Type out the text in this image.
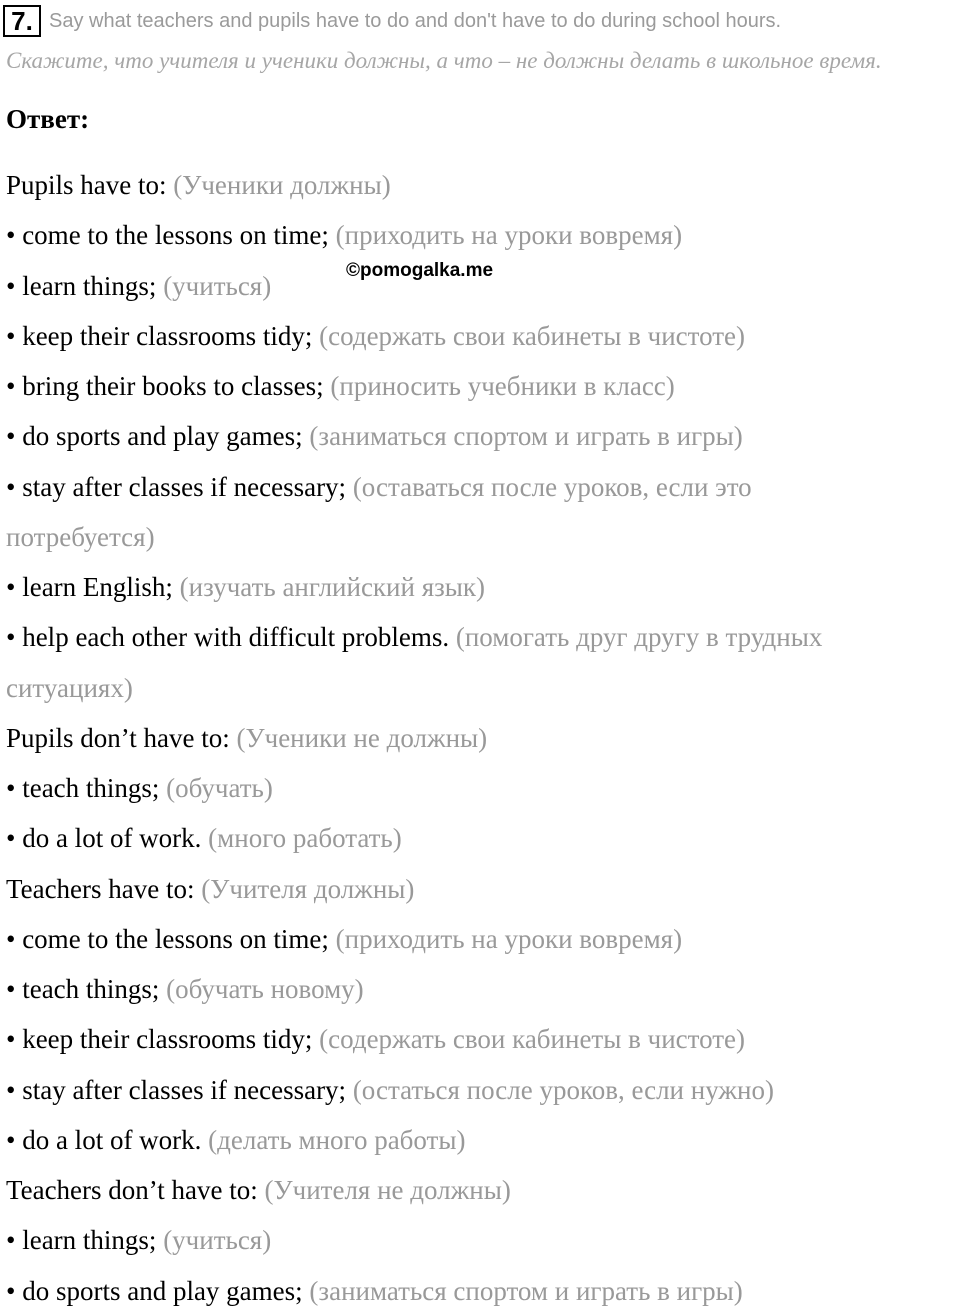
7. Say what teachers and pupils have to do and don't have to do during school hours.
Скажите, что учителя и ученики должны, а что – не должны делать в школьное время.
Ответ:
Pupils have to: (Ученики должны)
• come to the lessons on time; (приходить на уроки вовремя)
• learn things; (учиться)
• keep their classrooms tidy; (содержать свои кабинеты в чистоте)
• bring their books to classes; (приносить учебники в класс)
• do sports and play games; (заниматься спортом и играть в игры)
• stay after classes if necessary; (оставаться после уроков, если это
потребуется)
• learn English; (изучать английский язык)
• help each other with difficult problems. (помогать друг другу в трудных
ситуациях)
Pupils don’t have to: (Ученики не должны)
• teach things; (обучать)
• do a lot of work. (много работать)
Teachers have to: (Учителя должны)
• come to the lessons on time; (приходить на уроки вовремя)
• teach things; (обучать новому)
• keep their classrooms tidy; (содержать свои кабинеты в чистоте)
• stay after classes if necessary; (остаться после уроков, если нужно)
• do a lot of work. (делать много работы)
Teachers don’t have to: (Учителя не должны)
• learn things; (учиться)
• do sports and play games; (заниматься спортом и играть в игры)
©pomogalka.me
